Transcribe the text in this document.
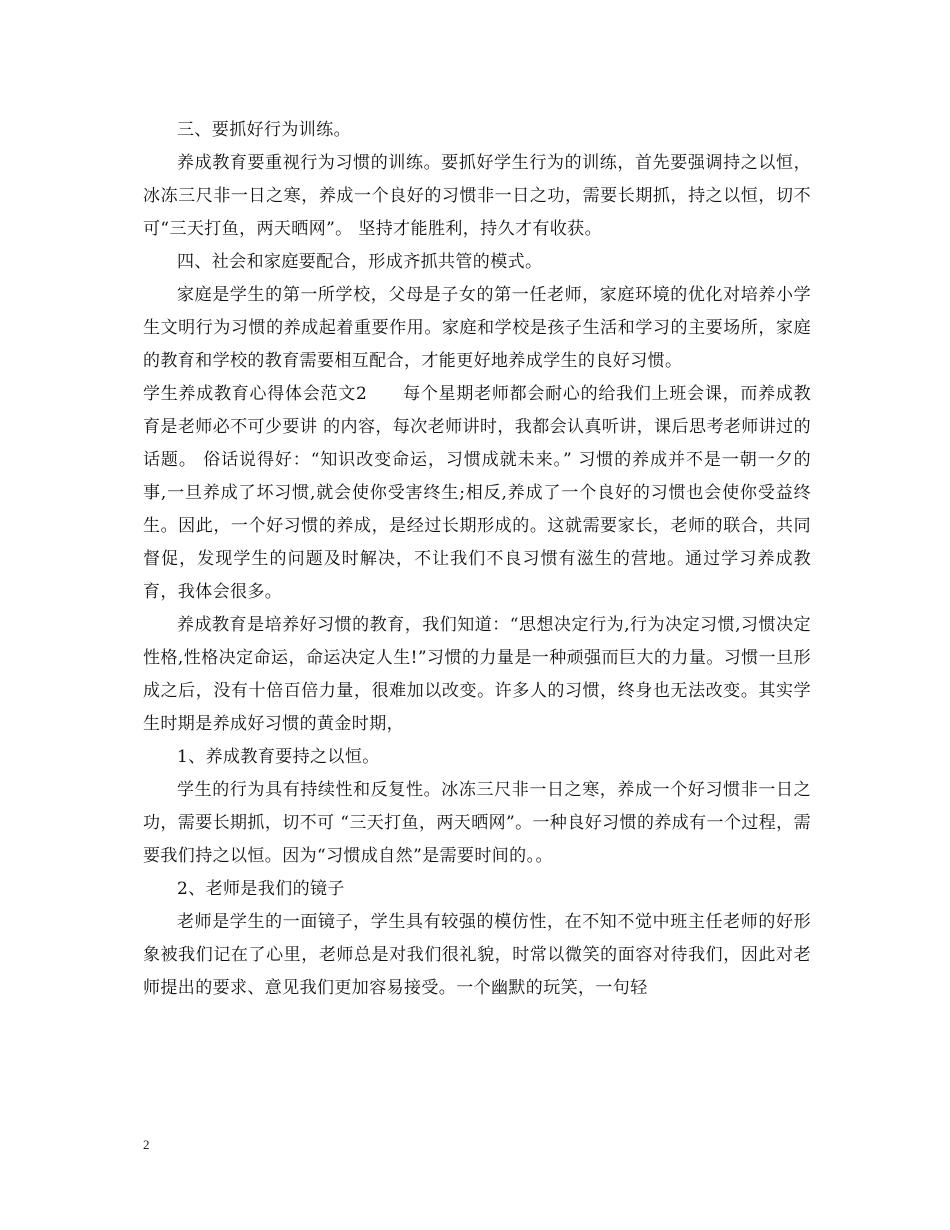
三、要抓好行为训练。

养成教育要重视行为习惯的训练。要抓好学生行为的训练，首先要强调持之以恒，冰冻三尺非一日之寒，养成一个良好的习惯非一日之功，需要长期抓，持之以恒，切不可“三天打鱼，两天晒网”。 坚持才能胜利，持久才有收获。

四、社会和家庭要配合，形成齐抓共管的模式。

家庭是学生的第一所学校，父母是子女的第一任老师，家庭环境的优化对培养小学生文明行为习惯的养成起着重要作用。家庭和学校是孩子生活和学习的主要场所，家庭的教育和学校的教育需要相互配合，才能更好地养成学生的良好习惯。

学生养成教育心得体会范文2　　每个星期老师都会耐心的给我们上班会课，而养成教育是老师必不可少要讲 的内容，每次老师讲时，我都会认真听讲，课后思考老师讲过的话题。 俗话说得好：“知识改变命运，习惯成就未来。” 习惯的养成并不是一朝一夕的事,一旦养成了坏习惯,就会使你受害终生;相反,养成了一个良好的习惯也会使你受益终生。因此，一个好习惯的养成，是经过长期形成的。这就需要家长，老师的联合，共同督促，发现学生的问题及时解决，不让我们不良习惯有滋生的营地。通过学习养成教育，我体会很多。

养成教育是培养好习惯的教育，我们知道：“思想决定行为,行为决定习惯,习惯决定性格,性格决定命运，命运决定人生!”习惯的力量是一种顽强而巨大的力量。习惯一旦形成之后，没有十倍百倍力量，很难加以改变。许多人的习惯，终身也无法改变。其实学生时期是养成好习惯的黄金时期，

1、养成教育要持之以恒。

学生的行为具有持续性和反复性。冰冻三尺非一日之寒，养成一个好习惯非一日之功，需要长期抓，切不可 “三天打鱼，两天晒网”。一种良好习惯的养成有一个过程，需要我们持之以恒。因为“习惯成自然”是需要时间的。。

2、老师是我们的镜子

老师是学生的一面镜子，学生具有较强的模仿性，在不知不觉中班主任老师的好形象被我们记在了心里，老师总是对我们很礼貌，时常以微笑的面容对待我们，因此对老师提出的要求、意见我们更加容易接受。一个幽默的玩笑，一句轻

2
